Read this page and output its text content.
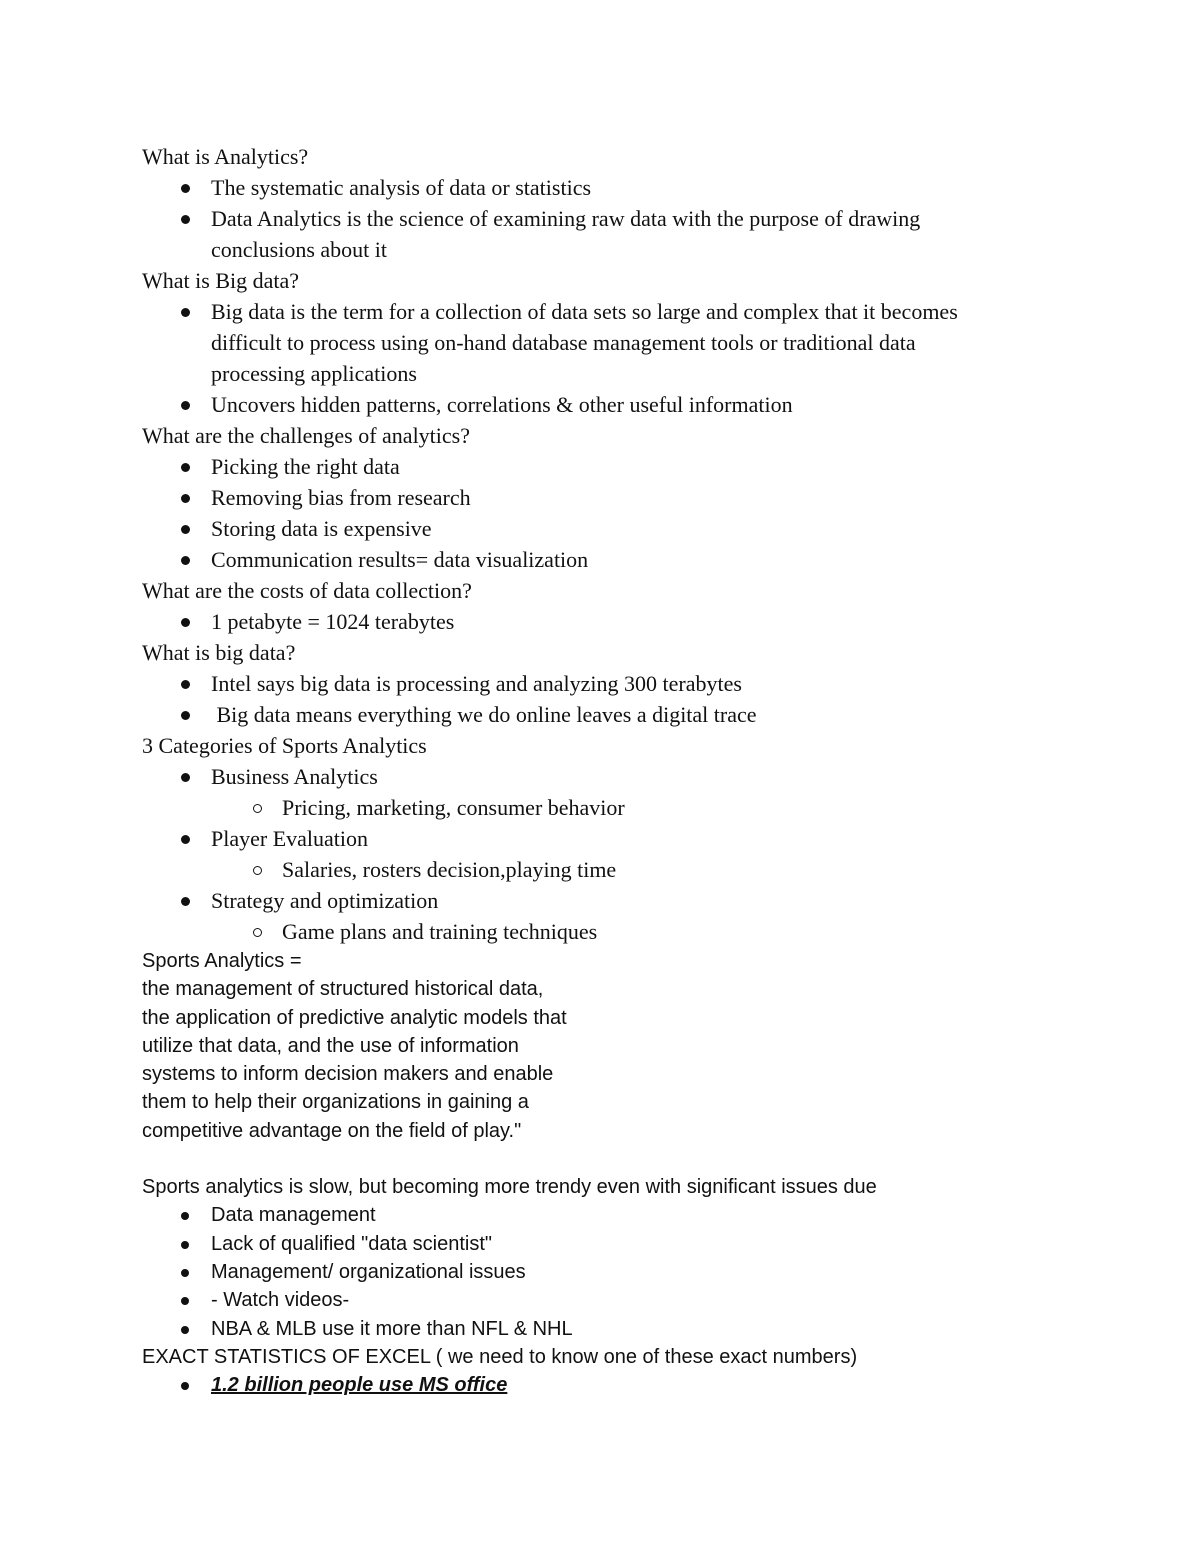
What is Analytics?

The systematic analysis of data or statistics
Data Analytics is the science of examining raw data with the purpose of drawing
conclusions about it

What is Big data?

Big data is the term for a collection of data sets so large and complex that it becomes
difficult to process using on-hand database management tools or traditional data
processing applications
Uncovers hidden patterns, correlations & other useful information

What are the challenges of analytics?

Picking the right data
Removing bias from research
Storing data is expensive
Communication results= data visualization

What are the costs of data collection?

1 petabyte = 1024 terabytes

What is big data?

Intel says big data is processing and analyzing 300 terabytes
Big data means everything we do online leaves a digital trace

3 Categories of Sports Analytics

Business Analytics
Pricing, marketing, consumer behavior
Player Evaluation
Salaries, rosters decision,playing time
Strategy and optimization
Game plans and training techniques

Sports Analytics =

the management of structured historical data,

the application of predictive analytic models that

utilize that data, and the use of information

systems to inform decision makers and enable

them to help their organizations in gaining a

competitive advantage on the field of play."

Sports analytics is slow, but becoming more trendy even with significant issues due

Data management
Lack of qualified "data scientist"
Management/ organizational issues
- Watch videos-
NBA & MLB use it more than NFL & NHL

EXACT STATISTICS OF EXCEL ( we need to know one of these exact numbers)

1.2 billion people use MS office
